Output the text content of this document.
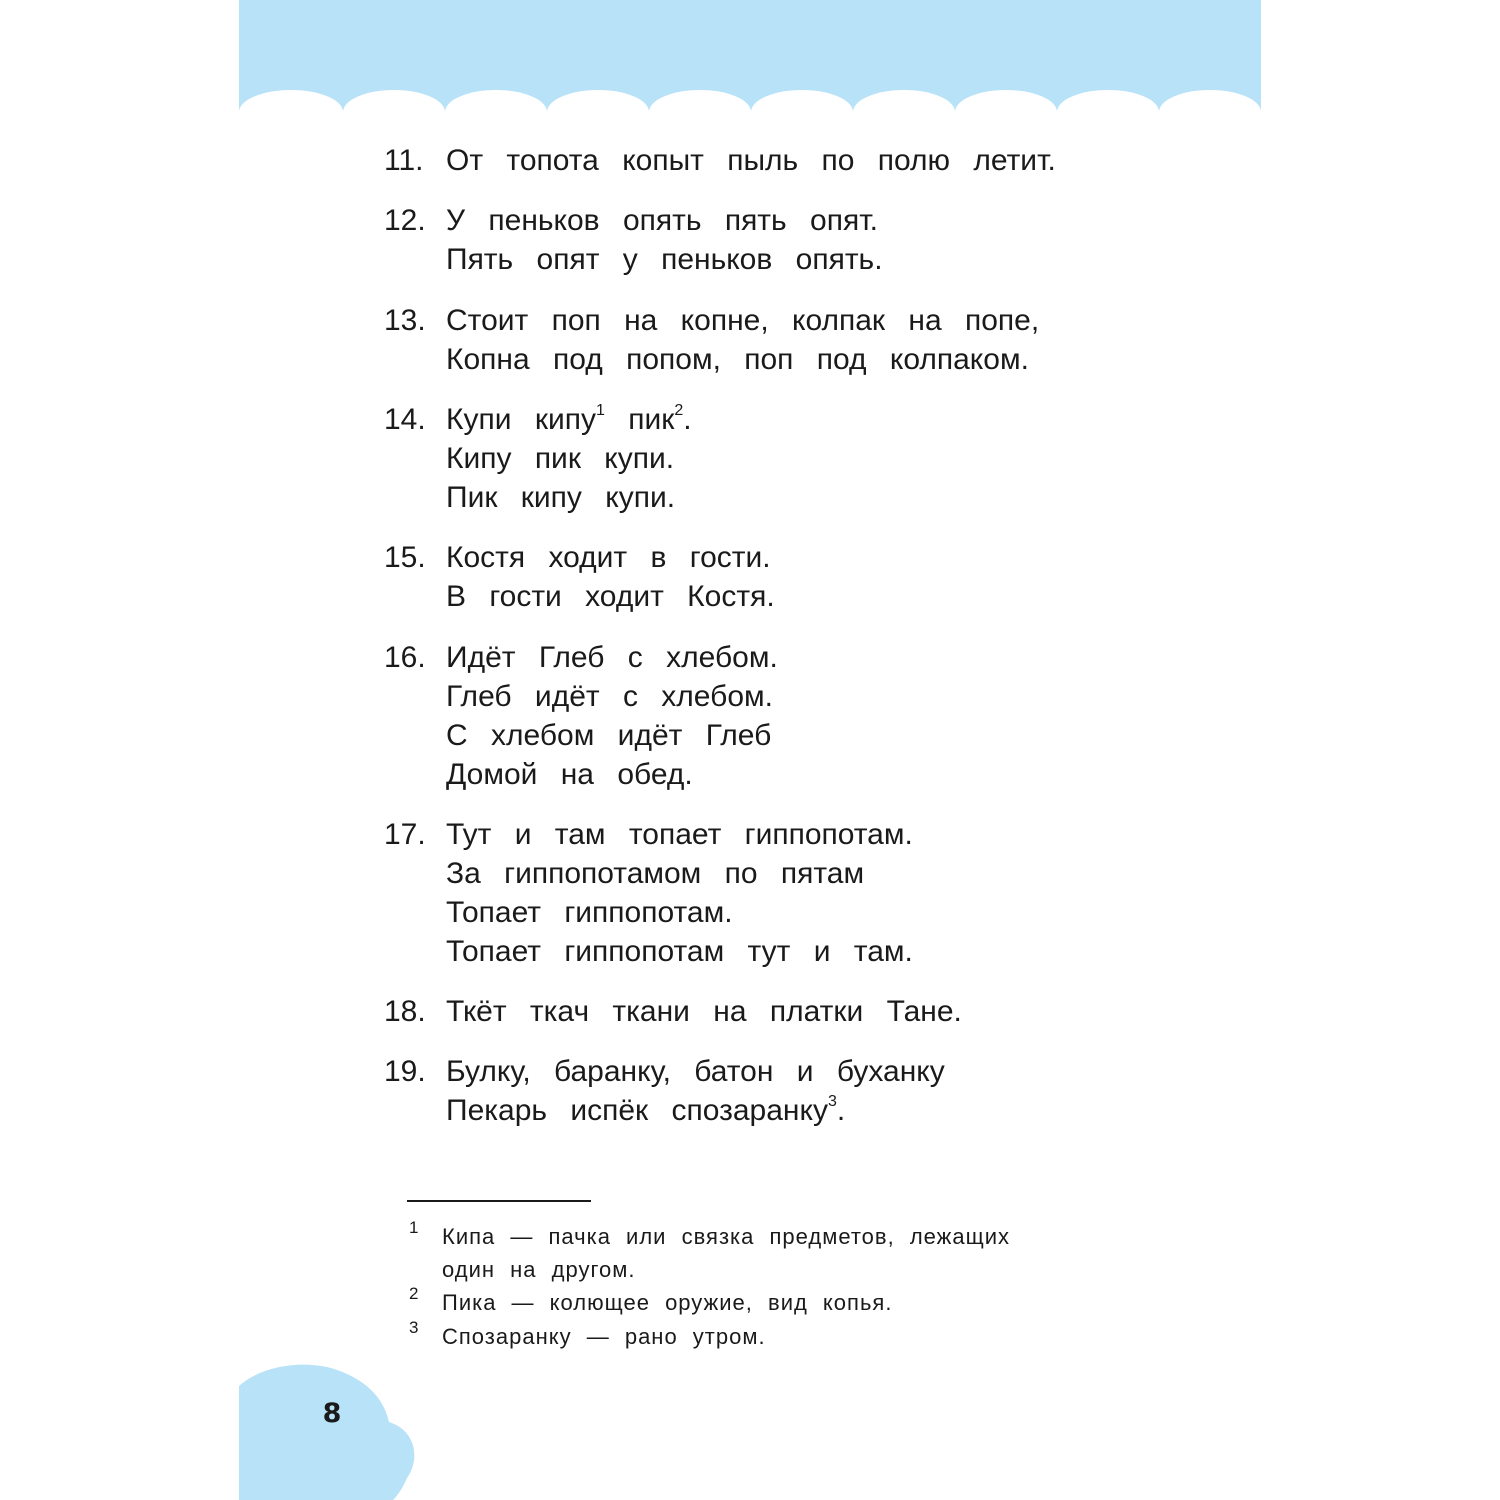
8
11. От топота копыт пыль по полю летит.
12. У пеньков опять пять опят.
Пять опят у пеньков опять.
13. Стоит поп на копне, колпак на попе,
Копна под попом, поп под колпаком.
14. Купи кипу$^1$ пик$^2$.
Кипу пик купи.
Пик кипу купи.
15. Костя ходит в гости.
В гости ходит Костя.
16. Идёт Глеб с хлебом.
Глеб идёт с хлебом.
С хлебом идёт Глеб
Домой на обед.
17. Тут и там топает гиппопотам.
За гиппопотамом по пятам
Топает гиппопотам.
Топает гиппопотам тут и там.
18. Ткёт ткач ткани на платки Тане.
19. Булку, баранку, батон и буханку
Пекарь испёк спозаранку$^3$.
1 Кипа — пачка или связка предметов, лежащих
один на другом.
2 Пика — колющее оружие, вид копья.
3 Спозаранку — рано утром.
